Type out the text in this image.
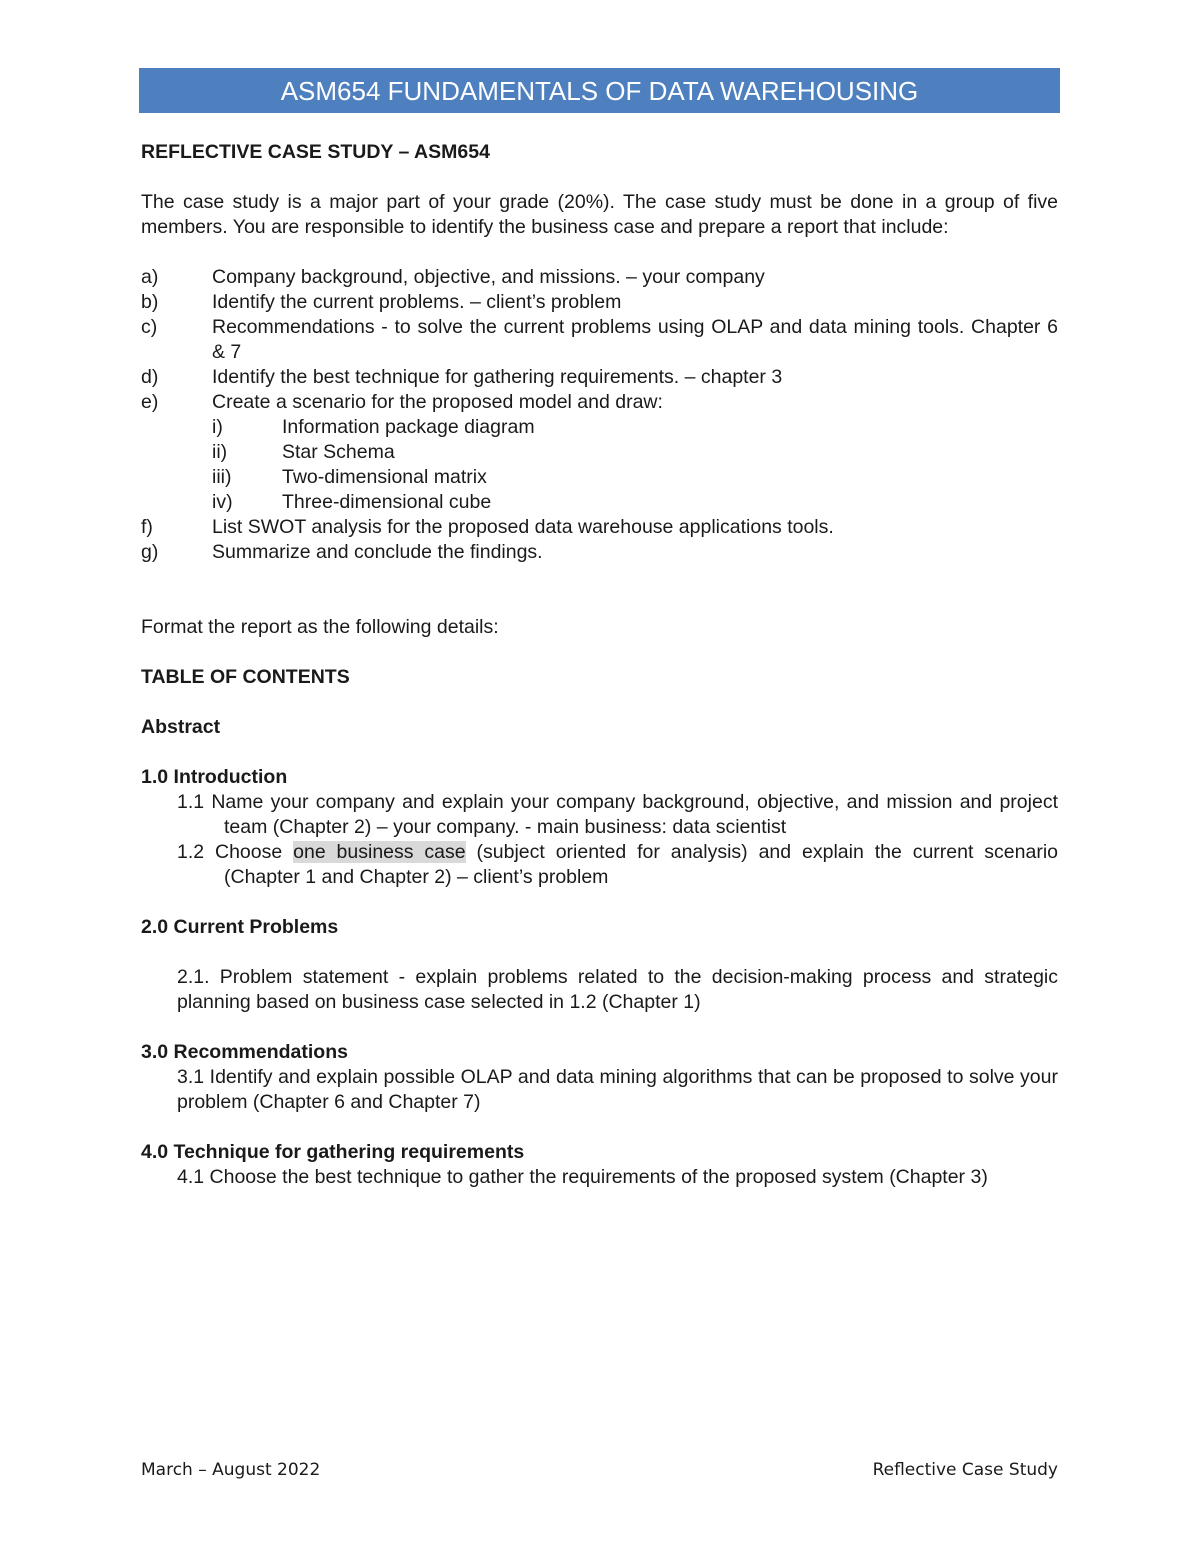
ASM654 FUNDAMENTALS OF DATA WAREHOUSING

REFLECTIVE CASE STUDY – ASM654

The case study is a major part of your grade (20%). The case study must be done in a group of five members. You are responsible to identify the business case and prepare a report that include:

a)	Company background, objective, and missions. – your company
b)	Identify the current problems. – client’s problem
c)	Recommendations - to solve the current problems using OLAP and data mining tools. Chapter 6 & 7
d)	Identify the best technique for gathering requirements. – chapter 3
e)	Create a scenario for the proposed model and draw:
i)	Information package diagram
ii)	Star Schema
iii)	Two-dimensional matrix
iv)	Three-dimensional cube
f)	List SWOT analysis for the proposed data warehouse applications tools.
g)	Summarize and conclude the findings.

Format the report as the following details:

TABLE OF CONTENTS

Abstract

1.0 Introduction

1.1 Name your company and explain your company background, objective, and mission and project team (Chapter 2) – your company. - main business: data scientist

1.2 Choose one business case (subject oriented for analysis) and explain the current scenario (Chapter 1 and Chapter 2) – client’s problem

2.0 Current Problems

2.1. Problem statement - explain problems related to the decision-making process and strategic planning based on business case selected in 1.2 (Chapter 1)

3.0 Recommendations

3.1 Identify and explain possible OLAP and data mining algorithms that can be proposed to solve your problem (Chapter 6 and Chapter 7)

4.0 Technique for gathering requirements

4.1 Choose the best technique to gather the requirements of the proposed system (Chapter 3)

March – August 2022	Reflective Case Study
